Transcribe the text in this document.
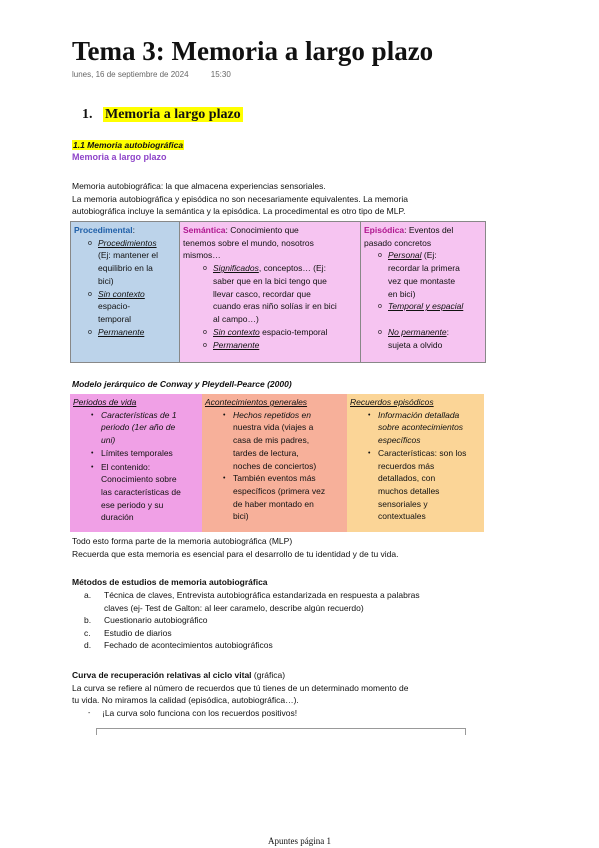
Tema 3: Memoria a largo plazo
lunes, 16 de septiembre de 2024	15:30
1. Memoria a largo plazo
1.1 Memoria autobiográfica
Memoria a largo plazo
Memoria autobiográfica: la que almacena experiencias sensoriales.
La memoria autobiográfica y episódica no son necesariamente equivalentes. La memoria
autobiográfica incluye la semántica y la episódica. La procedimental es otro tipo de MLP.
Procedimental:
o Procedimientos
(Ej: mantener el
equilibrio en la
bici)
o Sin contexto
espacio-
temporal
o Permanente
Semántica: Conocimiento que
tenemos sobre el mundo, nosotros
mismos…
o Significados, conceptos… (Ej:
saber que en la bici tengo que
llevar casco, recordar que
cuando eras niño solías ir en bici
al campo…)
o Sin contexto espacio-temporal
o Permanente
Episódica: Eventos del
pasado concretos
o Personal (Ej:
recordar la primera
vez que montaste
en bici)
o Temporal y espacial
o No permanente:
sujeta a olvido
Modelo jerárquico de Conway y Pleydell-Pearce (2000)
Periodos de vida
• Características de 1
periodo (1er año de
uni)
• Límites temporales
• El contenido:
Conocimiento sobre
las características de
ese periodo y su
duración
Acontecimientos generales
• Hechos repetidos en
nuestra vida (viajes a
casa de mis padres,
tardes de lectura,
noches de conciertos)
• También eventos más
específicos (primera vez
de haber montado en
bici)
Recuerdos episódicos
• Información detallada
sobre acontecimientos
específicos
• Características: son los
recuerdos más
detallados, con
muchos detalles
sensoriales y
contextuales
Todo esto forma parte de la memoria autobiográfica (MLP)
Recuerda que esta memoria es esencial para el desarrollo de tu identidad y de tu vida.
Métodos de estudios de memoria autobiográfica
a.	Técnica de claves, Entrevista autobiográfica estandarizada en respuesta a palabras
claves (ej- Test de Galton: al leer caramelo, describe algún recuerdo)
b.	Cuestionario autobiográfico
c.	Estudio de diarios
d.	Fechado de acontecimientos autobiográficos
Curva de recuperación relativas al ciclo vital (gráfica)
La curva se refiere al número de recuerdos que tú tienes de un determinado momento de
tu vida. No miramos la calidad (episódica, autobiográfica…).
-	¡La curva solo funciona con los recuerdos positivos!
Apuntes página 1
